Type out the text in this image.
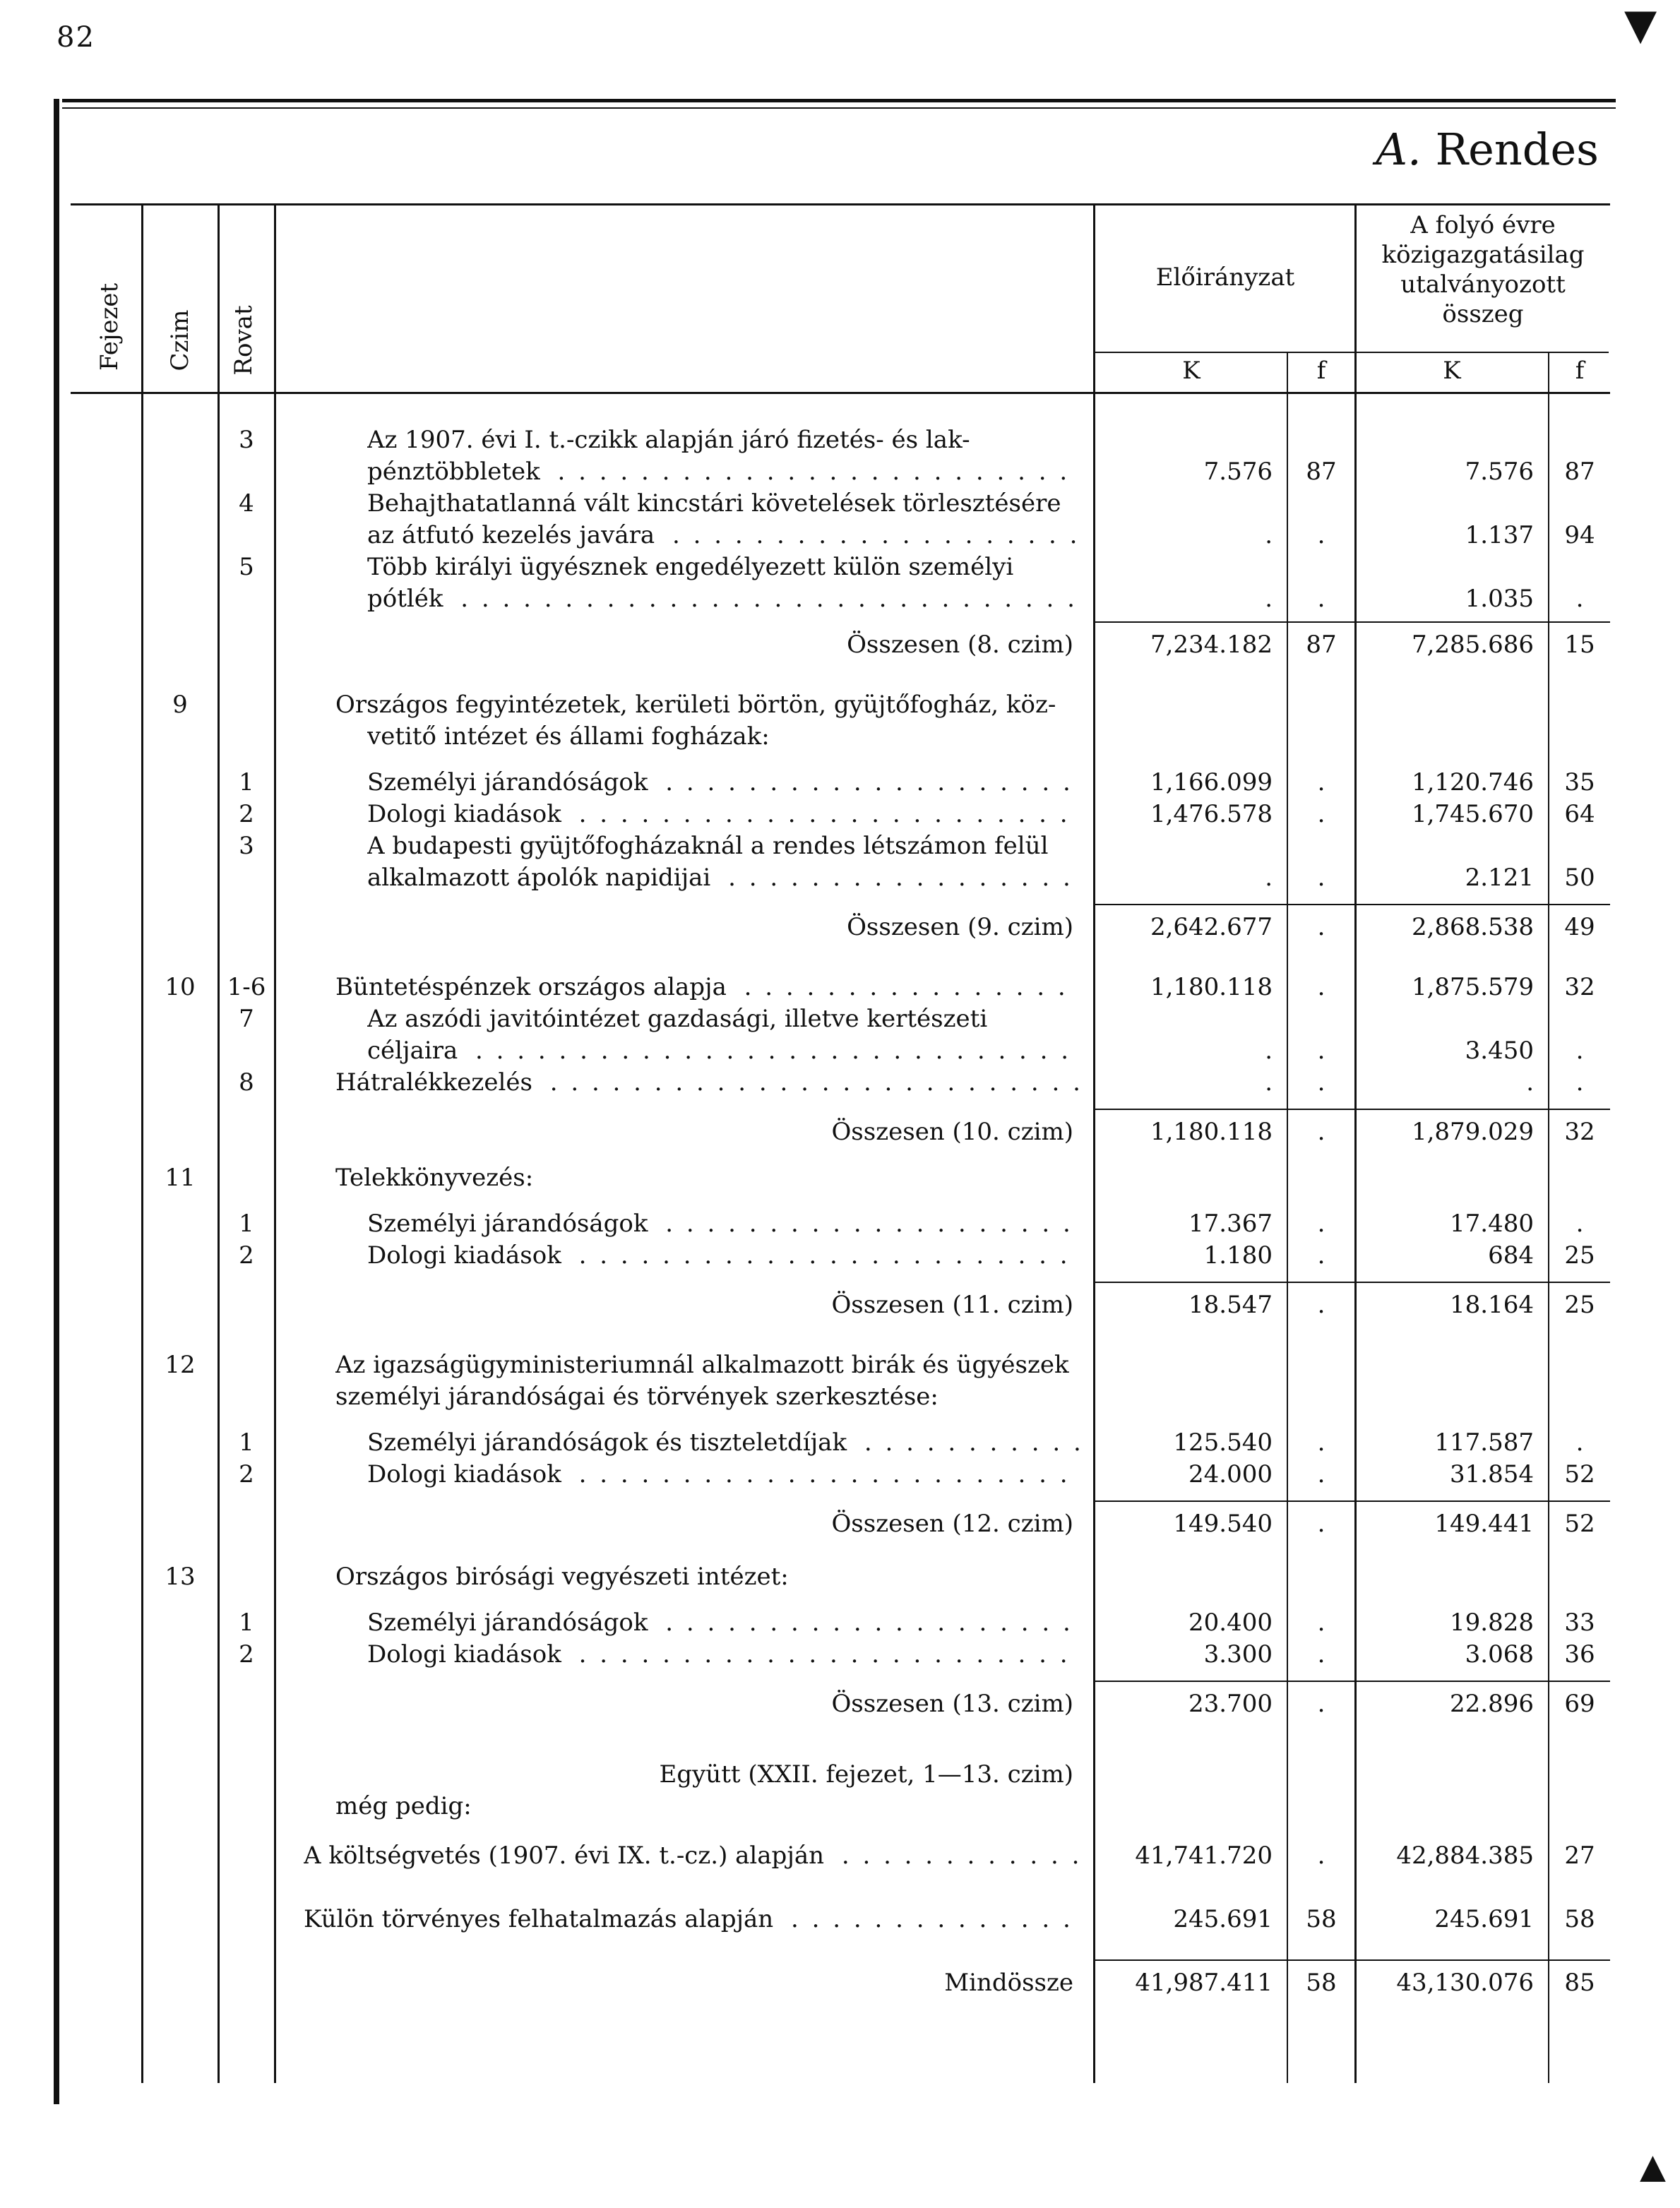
82	▼
▲
A. Rendes
Fejezet Czim Rovat
Előirányzat
A folyó évre
közigazgatásilag
utalványozott
összeg
K	f	K	f
3	Az 1907. évi I. t.-czikk alapján járó fizetés- és lak-
pénztöbbletek . . .	7.576	87	7.576	87
4	Behajthatatlanná vált kincstári követelések törlesztésére
az átfutó kezelés javára . . .	.	.	1.137	94
5	Több királyi ügyésznek engedélyezett külön személyi
pótlék . . .	.	.	1.035	.
Összesen (8. czim)	7,234.182	87	7,285.686	15
9	Országos fegyintézetek, kerületi börtön, gyüjtőfogház, köz-
vetitő intézet és állami fogházak:
1	Személyi járandóságok . . .	1,166.099	.	1,120.746	35
2	Dologi kiadások . . .	1,476.578	.	1,745.670	64
3	A budapesti gyüjtőfogházaknál a rendes létszámon felül
alkalmazott ápolók napidijai . . .	.	.	2.121	50
Összesen (9. czim)	2,642.677	.	2,868.538	49
10	1-6	Büntetéspénzek országos alapja . . .	1,180.118	.	1,875.579	32
7	Az aszódi javitóintézet gazdasági, illetve kertészeti
céljaira . . .	.	.	3.450	.
8	Hátralékkezelés . . .	.	.	.	.
Összesen (10. czim)	1,180.118	.	1,879.029	32
11	Telekkönyvezés:
1	Személyi járandóságok . . .	17.367	.	17.480	.
2	Dologi kiadások . . .	1.180	.	684	25
Összesen (11. czim)	18.547	.	18.164	25
12	Az igazságügyministeriumnál alkalmazott birák és ügyészek
személyi járandóságai és törvények szerkesztése:
1	Személyi járandóságok és tiszteletdíjak . . .	125.540	.	117.587	.
2	Dologi kiadások . . .	24.000	.	31.854	52
Összesen (12. czim)	149.540	.	149.441	52
13	Országos birósági vegyészeti intézet:
1	Személyi járandóságok . . .	20.400	.	19.828	33
2	Dologi kiadások . . .	3.300	.	3.068	36
Összesen (13. czim)	23.700	.	22.896	69
Együtt (XXII. fejezet, 1—13. czim)
még pedig:
A költségvetés (1907. évi IX. t.-cz.) alapján . . .	41,741.720	.	42,884.385	27
Külön törvényes felhatalmazás alapján . . .	245.691	58	245.691	58
Mindössze	41,987.411	58	43,130.076	85
